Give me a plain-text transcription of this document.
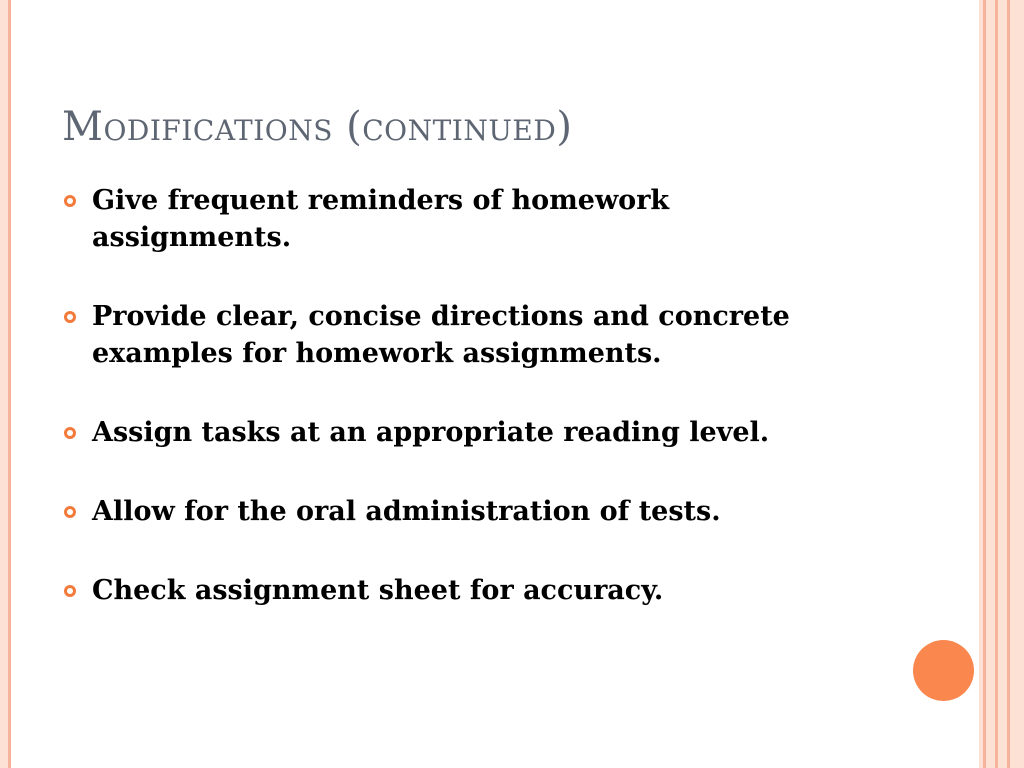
Modifications (continued)
Give frequent reminders of homework assignments.
Provide clear, concise directions and concrete examples for homework assignments.
Assign tasks at an appropriate reading level.
Allow for the oral administration of tests.
Check assignment sheet for accuracy.
